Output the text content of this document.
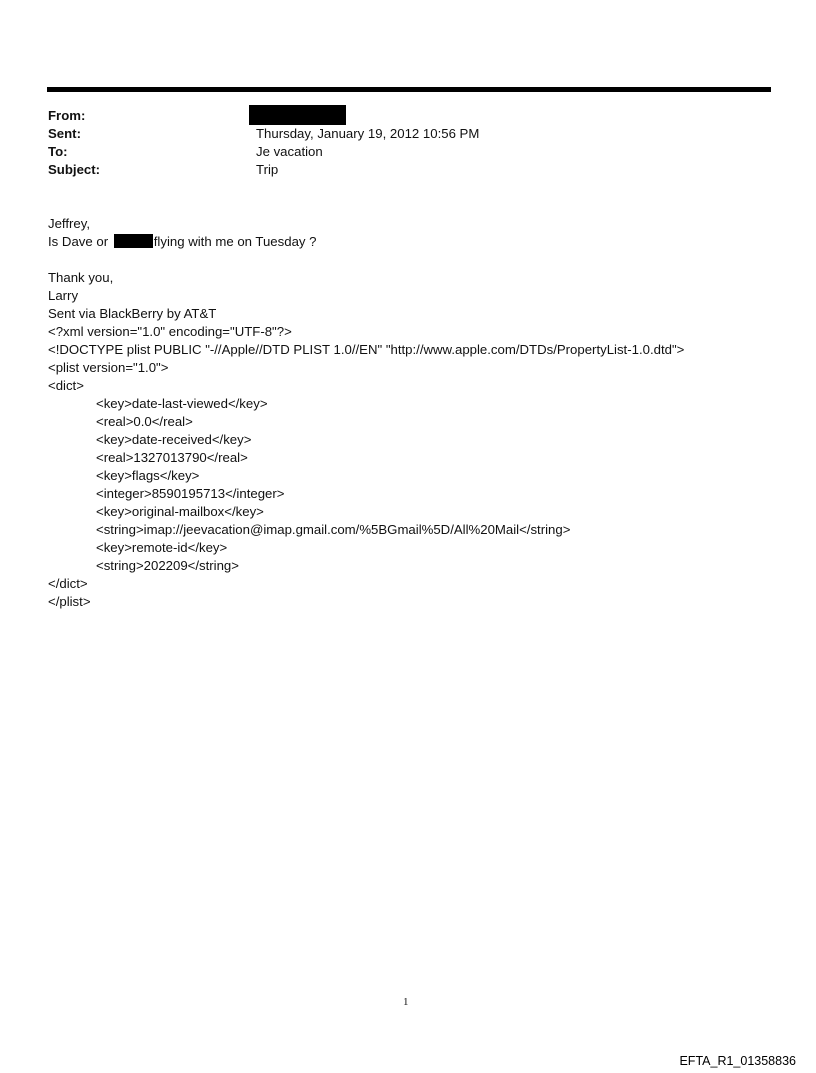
From:
Sent:	Thursday, January 19, 2012 10:56 PM
To:	Je vacation
Subject:	Trip
Jeffrey,
Is Dave or	flying with me on Tuesday ?
Thank you,
Larry
Sent via BlackBerry by AT&T
<?xml version="1.0" encoding="UTF-8"?>
<!DOCTYPE plist PUBLIC "-//Apple//DTD PLIST 1.0//EN" "http://www.apple.com/DTDs/PropertyList-1.0.dtd">
<plist version="1.0">
<dict>
<key>date-last-viewed</key>
<real>0.0</real>
<key>date-received</key>
<real>1327013790</real>
<key>flags</key>
<integer>8590195713</integer>
<key>original-mailbox</key>
<string>imap://jeevacation@imap.gmail.com/%5BGmail%5D/All%20Mail</string>
<key>remote-id</key>
<string>202209</string>
</dict>
</plist>
1
EFTA_R1_01358836
